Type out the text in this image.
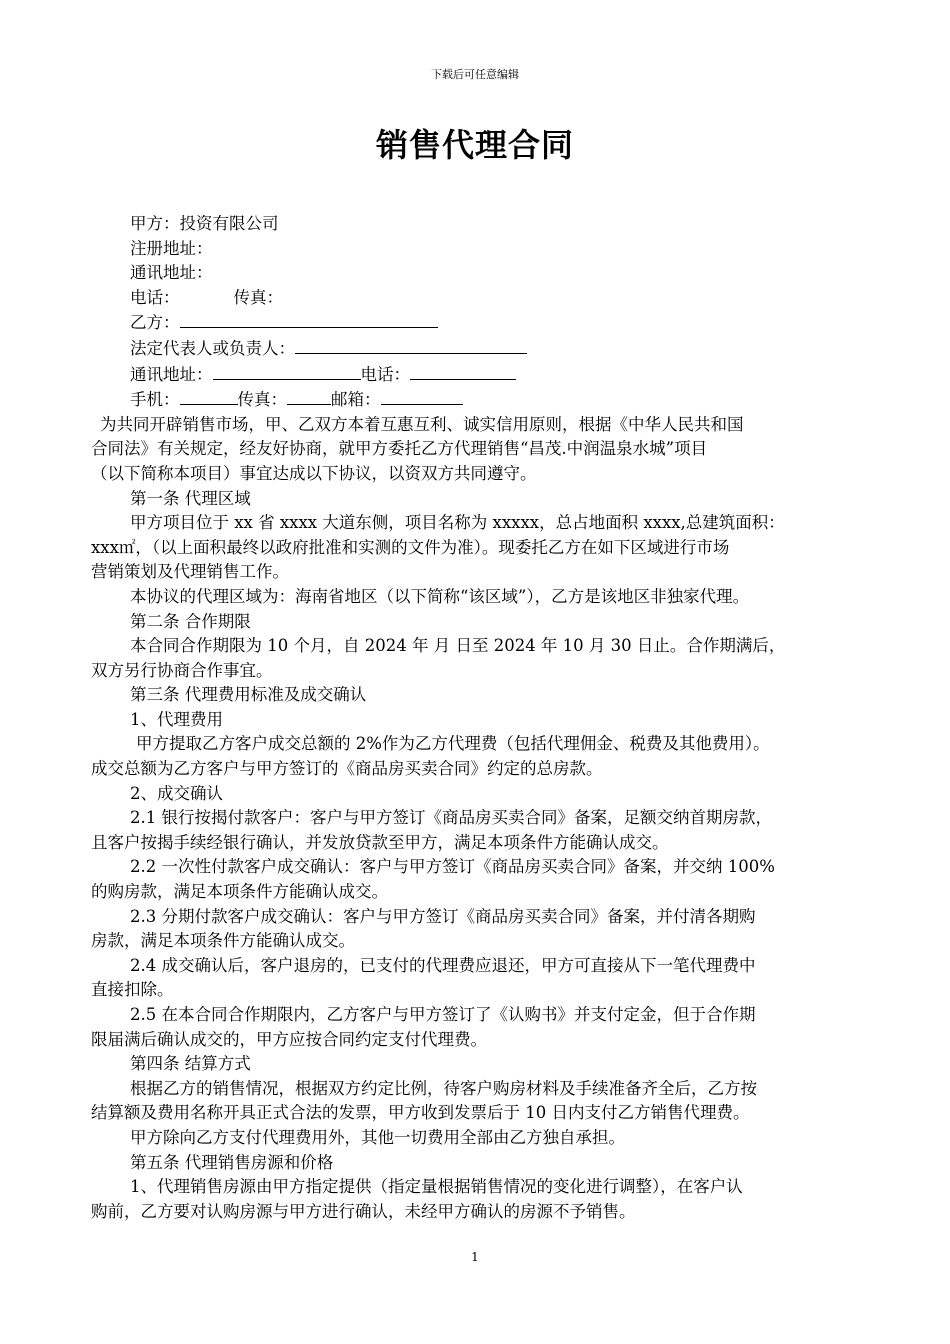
下载后可任意编辑
销售代理合同

甲方：投资有限公司

注册地址：

通讯地址：

电话：	传真：

乙方：

法定代表人或负责人：

通讯地址：	电话：

手机：	传真：	邮箱：

为共同开辟销售市场，甲、乙双方本着互惠互利、诚实信用原则，根据《中华人民共和国

合同法》有关规定，经友好协商，就甲方委托乙方代理销售“昌茂.中润温泉水城”项目

（以下简称本项目）事宜达成以下协议，以资双方共同遵守。

第一条 代理区域

甲方项目位于 xx 省 xxxx 大道东侧，项目名称为 xxxxx，总占地面积 xxxx,总建筑面积：

xxx㎡，（以上面积最终以政府批准和实测的文件为准）。现委托乙方在如下区域进行市场

营销策划及代理销售工作。

本协议的代理区域为：海南省地区（以下简称“该区域”），乙方是该地区非独家代理。

第二条 合作期限

本合同合作期限为 10 个月，自 2024 年 月 日至 2024 年 10 月 30 日止。合作期满后，

双方另行协商合作事宜。

第三条 代理费用标准及成交确认

1、代理费用

甲方提取乙方客户成交总额的 2%作为乙方代理费（包括代理佣金、税费及其他费用）。

成交总额为乙方客户与甲方签订的《商品房买卖合同》约定的总房款。

2、成交确认

2.1 银行按揭付款客户：客户与甲方签订《商品房买卖合同》备案，足额交纳首期房款，

且客户按揭手续经银行确认，并发放贷款至甲方，满足本项条件方能确认成交。

2.2 一次性付款客户成交确认：客户与甲方签订《商品房买卖合同》备案，并交纳 100%

的购房款，满足本项条件方能确认成交。

2.3 分期付款客户成交确认：客户与甲方签订《商品房买卖合同》备案，并付清各期购

房款，满足本项条件方能确认成交。

2.4 成交确认后，客户退房的，已支付的代理费应退还，甲方可直接从下一笔代理费中

直接扣除。

2.5 在本合同合作期限内，乙方客户与甲方签订了《认购书》并支付定金，但于合作期

限届满后确认成交的，甲方应按合同约定支付代理费。

第四条 结算方式

根据乙方的销售情况，根据双方约定比例，待客户购房材料及手续准备齐全后，乙方按

结算额及费用名称开具正式合法的发票，甲方收到发票后于 10 日内支付乙方销售代理费。

甲方除向乙方支付代理费用外，其他一切费用全部由乙方独自承担。

第五条 代理销售房源和价格

1、代理销售房源由甲方指定提供（指定量根据销售情况的变化进行调整），在客户认

购前，乙方要对认购房源与甲方进行确认，未经甲方确认的房源不予销售。

1
